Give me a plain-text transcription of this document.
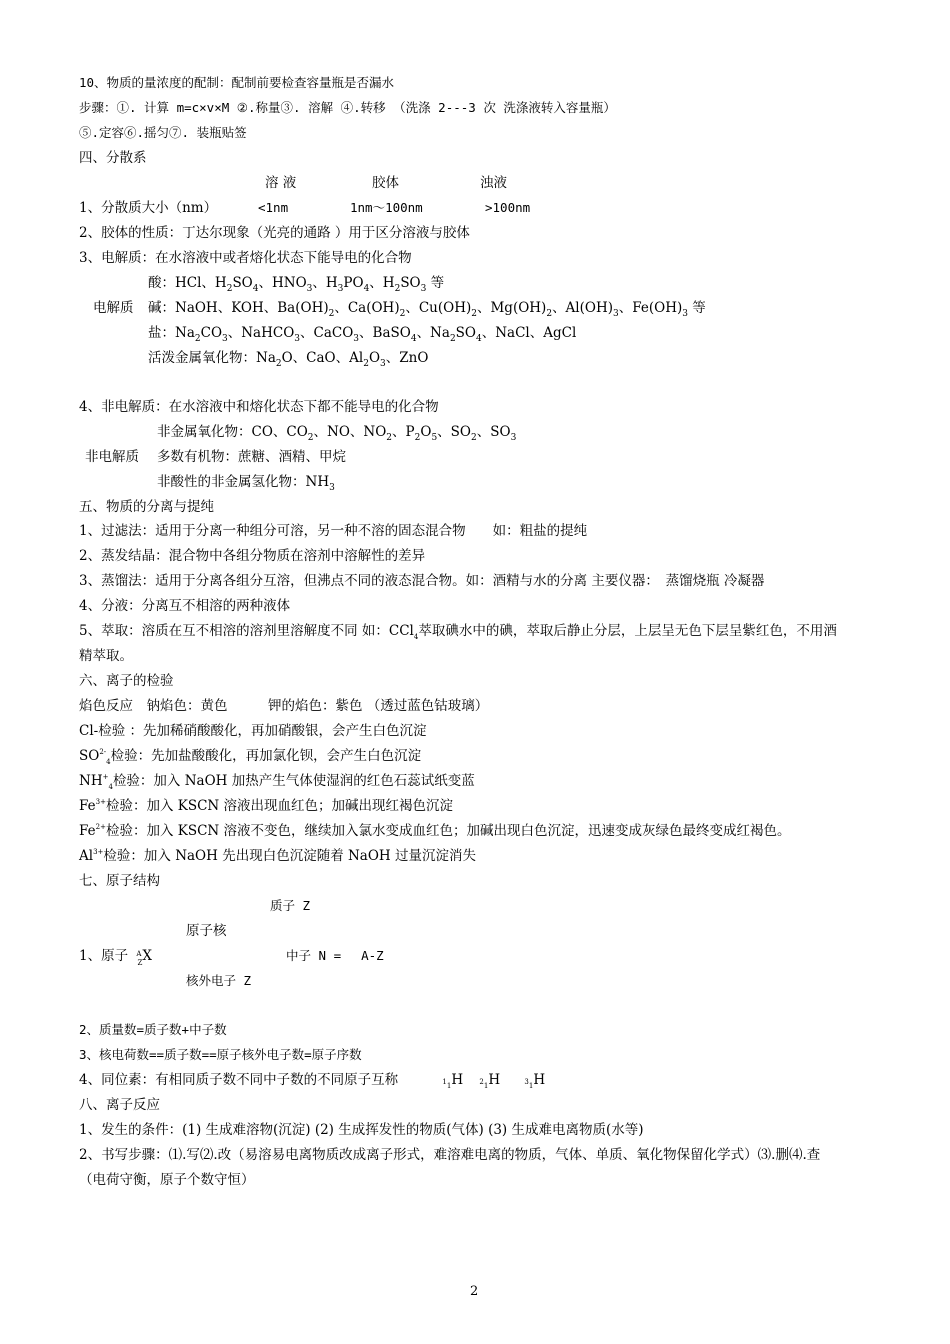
10、物质的量浓度的配制：配制前要检查容量瓶是否漏水
步骤：①. 计算 m=c×v×M ②.称量③. 溶解 ④.转移 （洗涤 2---3 次 洗涤液转入容量瓶）
⑤.定容⑥.摇匀⑦. 装瓶贴签
四、分散系
溶 液	胶体	浊液
1、分散质大小（nm）	<1nm	1nm～100nm	>100nm
2、胶体的性质：丁达尔现象（光亮的通路 ）用于区分溶液与胶体
3、电解质：在水溶液中或者熔化状态下能导电的化合物
酸：HCl、$H_2SO_4$、$HNO_3$、$H_3PO_4$、$H_2SO_3$ 等
电解质 碱：NaOH、KOH、$Ba(OH)_2$、$Ca(OH)_2$、$Cu(OH)_2$、$Mg(OH)_2$、$Al(OH)_3$、$Fe(OH)_3$ 等
盐：$Na_2CO_3$、NaHCO$_3$、CaCO$_3$、BaSO$_4$、$Na_2SO_4$、NaCl、AgCl
活泼金属氧化物：$Na_2O$、CaO、$Al_2O_3$、ZnO
4、非电解质：在水溶液中和熔化状态下都不能导电的化合物
非金属氧化物：CO、$CO_2$、NO、$NO_2$、$P_2O_5$、$SO_2$、$SO_3$
非电解质 多数有机物：蔗糖、酒精、甲烷
非酸性的非金属氢化物：$NH_3$
五、物质的分离与提纯
1、过滤法：适用于分离一种组分可溶，另一种不溶的固态混合物　　如：粗盐的提纯
2、蒸发结晶：混合物中各组分物质在溶剂中溶解性的差异
3、蒸馏法：适用于分离各组分互溶，但沸点不同的液态混合物。如：酒精与水的分离 主要仪器：　蒸馏烧瓶 冷凝器
4、分液：分离互不相溶的两种液体
5、萃取：溶质在互不相溶的溶剂里溶解度不同 如：CCl$_4$萃取碘水中的碘，萃取后静止分层，上层呈无色下层呈紫红色，不用酒
精萃取。
六、离子的检验
焰色反应　钠焰色：黄色　　　钾的焰色：紫色 （透过蓝色钴玻璃）
Cl-检验 ：先加稀硝酸酸化，再加硝酸银，会产生白色沉淀
$SO^{2-}_4$检验：先加盐酸酸化，再加氯化钡，会产生白色沉淀
$NH^+_4$检验：加入 NaOH 加热产生气体使湿润的红色石蕊试纸变蓝
$Fe^{3+}$检验：加入 KSCN 溶液出现血红色；加碱出现红褐色沉淀
$Fe^{2+}$检验：加入 KSCN 溶液不变色，继续加入氯水变成血红色；加碱出现白色沉淀，迅速变成灰绿色最终变成红褐色。
$Al^{3+}$检验：加入 NaOH 先出现白色沉淀随着 NaOH 过量沉淀消失
七、原子结构
质子 Z
原子核
1、原子 $^A_Z$X	中子 N = 　A-Z
核外电子 Z
2、质量数=质子数+中子数
3、核电荷数==质子数==原子核外电子数=原子序数
4、同位素：有相同质子数不同中子数的不同原子互称	$1_1H$ $2_1H$	$3_1H$
八、离子反应
1、发生的条件：(1) 生成难溶物(沉淀) (2) 生成挥发性的物质(气体) (3) 生成难电离物质(水等)
2、书写步骤：⑴.写⑵.改（易溶易电离物质改成离子形式，难溶难电离的物质，气体、单质、氧化物保留化学式）⑶.删⑷.查
（电荷守衡，原子个数守恒）
2
